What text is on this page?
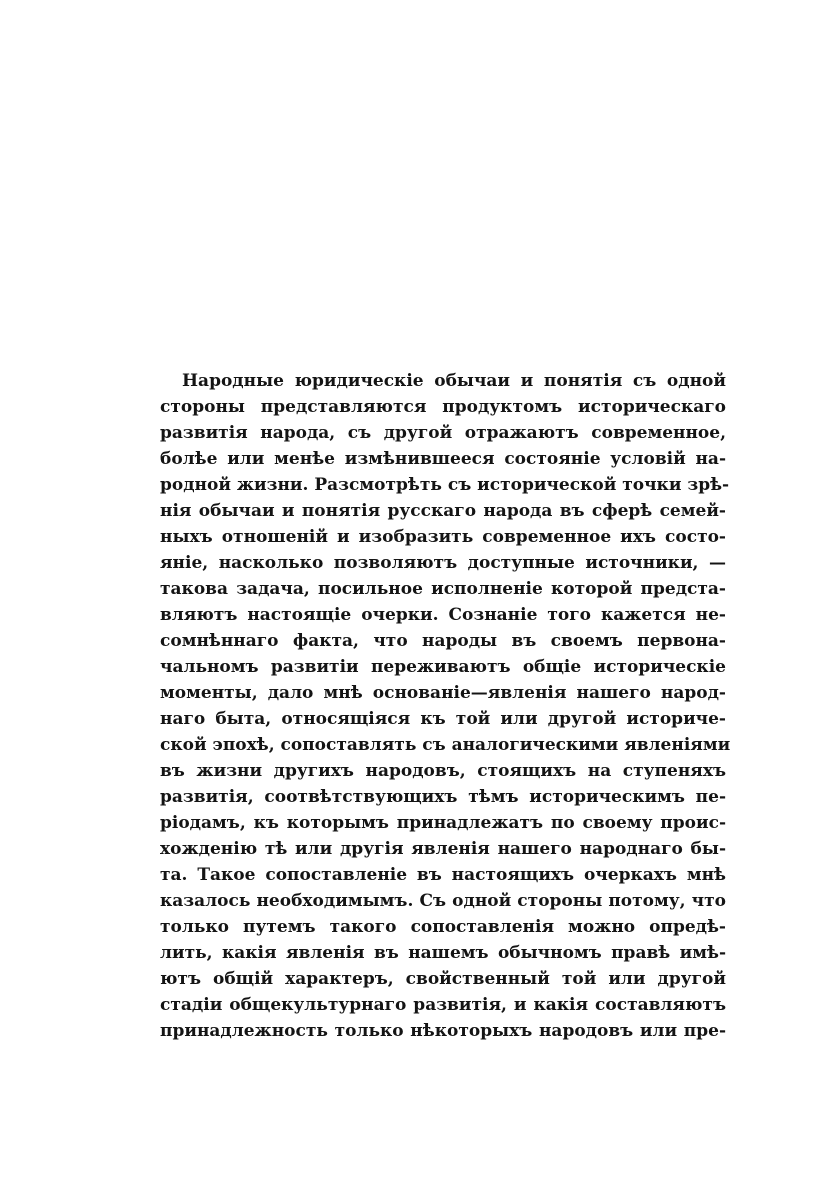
Народные юридическіе обычаи и понятія съ одной
стороны представляются продуктомъ историческаго
развитія народа, съ другой отражаютъ современное,
болѣе или менѣе измѣнившееся состояніе условій на-
родной жизни. Разсмотрѣть съ исторической точки зрѣ-
нія обычаи и понятія русскаго народа въ сферѣ семей-
ныхъ отношеній и изобразить современное ихъ состо-
яніе, насколько позволяютъ доступные источники, —
такова задача, посильное исполненіе которой предста-
вляютъ настоящіе очерки. Сознаніе того кажется не-
сомнѣннаго факта, что народы въ своемъ первона-
чальномъ развитіи переживаютъ общіе историческіе
моменты, дало мнѣ основаніе—явленія нашего народ-
наго быта, относящіяся къ той или другой историче-
ской эпохѣ, сопоставлять съ аналогическими явленіями
въ жизни другихъ народовъ, стоящихъ на ступеняхъ
развитія, соотвѣтствующихъ тѣмъ историческимъ пе-
ріодамъ, къ которымъ принадлежатъ по своему проис-
хожденію тѣ или другія явленія нашего народнаго бы-
та. Такое сопоставленіе въ настоящихъ очеркахъ мнѣ
казалось необходимымъ. Съ одной стороны потому, что
только путемъ такого сопоставленія можно опредѣ-
лить, какія явленія въ нашемъ обычномъ правѣ имѣ-
ютъ общій характеръ, свойственный той или другой
стадіи общекультурнаго развитія, и какія составляютъ
принадлежность только нѣкоторыхъ народовъ или пре-
